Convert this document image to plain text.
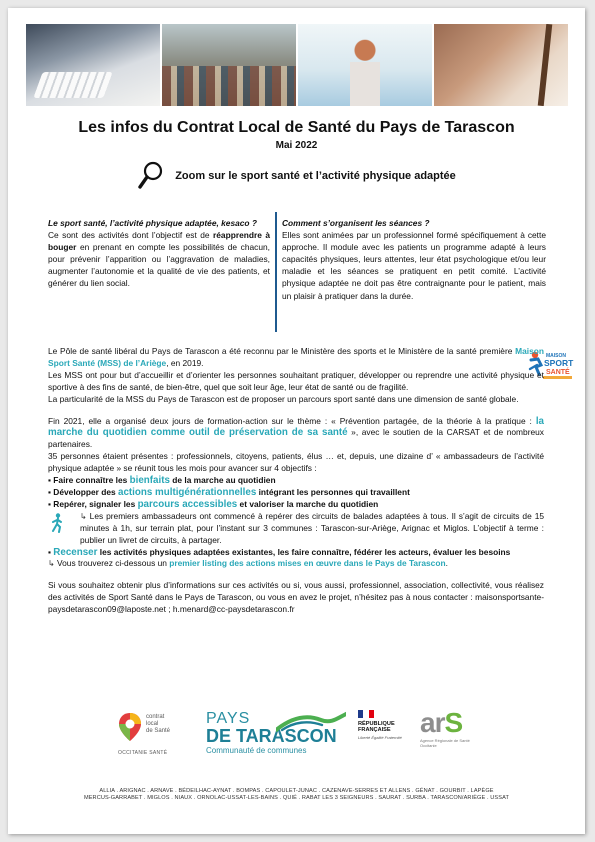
Les infos du Contrat Local de Santé du Pays de Tarascon
Mai 2022
Zoom sur le sport santé et l’activité physique adaptée
Le sport santé, l’activité physique adaptée, kesaco ?
Ce sont des activités dont l’objectif est de réapprendre à bouger en prenant en compte les possibilités de chacun, pour prévenir l’apparition ou l’aggravation de maladies, augmenter l’autonomie et la qualité de vie des patients, et générer du lien social.
Comment s’organisent les séances ?
Elles sont animées par un professionnel formé spécifiquement à cette approche. Il module avec les patients un programme adapté à leurs capacités physiques, leurs attentes, leur état psychologique et/ou leur maladie et les séances se pratiquent en petit comité. L’activité physique adaptée ne doit pas être contraignante pour le patient, mais un plaisir à pratiquer dans la durée.
MAISON
SPORT
SANTÉ

Le Pôle de santé libéral du Pays de Tarascon a été reconnu par le Ministère des sports et le Ministère de la santé première Maison Sport Santé (MSS) de l’Ariège, en 2019.

Les MSS ont pour but d’accueillir et d’orienter les personnes souhaitant pratiquer, développer ou reprendre une activité physique et sportive à des fins de santé, de bien-être, quel que soit leur âge, leur état de santé ou de fragilité.

La particularité de la MSS du Pays de Tarascon est de proposer un parcours sport santé dans une dimension de santé globale.

Fin 2021, elle a organisé deux jours de formation-action sur le thème : « Prévention partagée, de la théorie à la pratique : la marche du quotidien comme outil de préservation de sa santé », avec le soutien de la CARSAT et de nombreux partenaires.

35 personnes étaient présentes : professionnels, citoyens, patients, élus … et, depuis, une dizaine d’ « ambassadeurs de l’activité physique adaptée » se réunit tous les mois pour avancer sur 4 objectifs :

▪ Faire connaître les bienfaits de la marche au quotidien

▪ Développer des actions multigénérationnelles intégrant les personnes qui travaillent

▪ Repérer, signaler les parcours accessibles et valoriser la marche du quotidien

↳ Les premiers ambassadeurs ont commencé à repérer des circuits de balades adaptées à tous. Il s’agit de circuits de 15 minutes à 1h, sur terrain plat, pour l’instant sur 3 communes : Tarascon-sur-Ariège, Arignac et Miglos. L’objectif à terme : publier un livret de circuits, à partager.

▪ Recenser les activités physiques adaptées existantes, les faire connaître, fédérer les acteurs, évaluer les besoins

↳ Vous trouverez ci-dessous un premier listing des actions mises en œuvre dans le Pays de Tarascon.

Si vous souhaitez obtenir plus d’informations sur ces activités ou si, vous aussi, professionnel, association, collectivité, vous réalisez des activités de Sport Santé dans le Pays de Tarascon, ou vous en avez le projet, n’hésitez pas à nous contacter : maisonsportsante-paysdetarascon09@laposte.net ; h.menard@cc-paysdetarascon.fr

contrat
local
de Santé
OCCITANIE SANTÉ
PAYS
DE TARASCON
Communauté de communes
RÉPUBLIQUE
FRANÇAISE
Liberté Égalité Fraternité arS
Agence Régionale de Santé Occitanie
ALLIA . ARIGNAC . ARNAVE . BÉDEILHAC-AYNAT . BOMPAS . CAPOULET-JUNAC . CAZENAVE-SERRES ET ALLENS . GÉNAT . GOURBIT . LAPÈGE
MERCUS-GARRABET . MIGLOS . NIAUX . ORNOLAC-USSAT-LES-BAINS . QUIÉ . RABAT LES 3 SEIGNEURS . SAURAT . SURBA . TARASCON/ARIÈGE . USSAT
